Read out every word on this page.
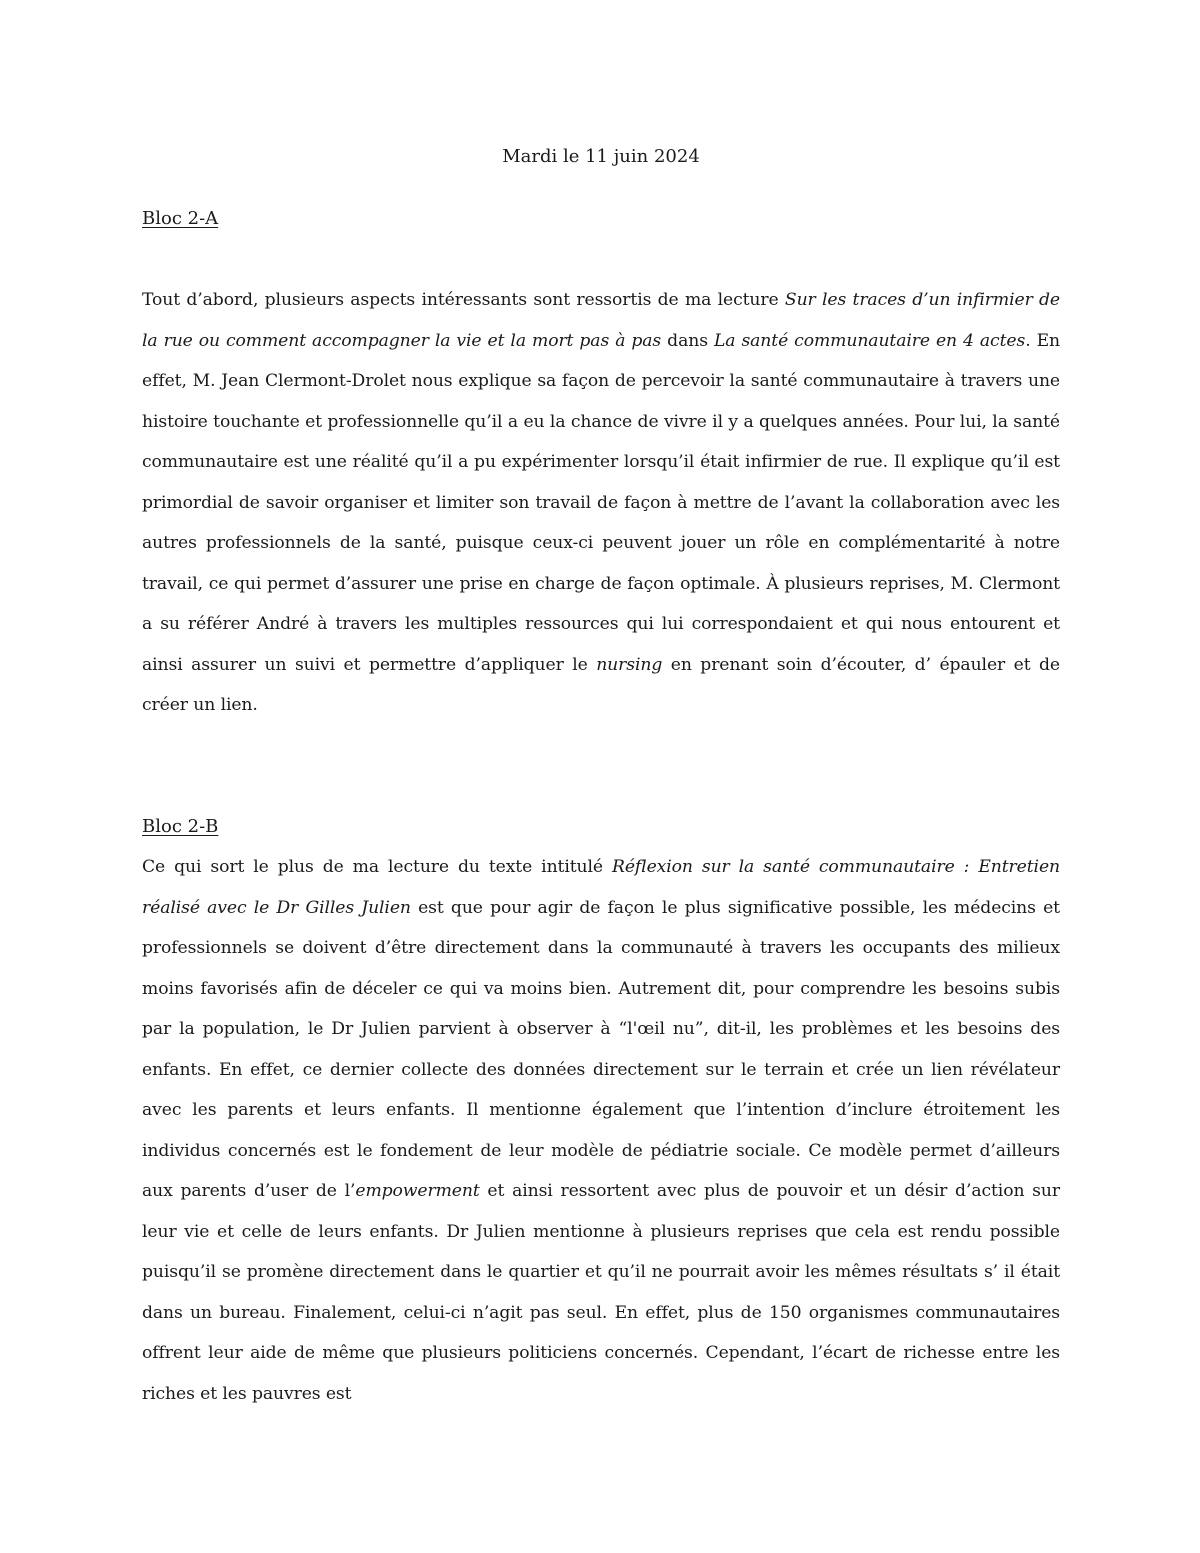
Mardi le 11 juin 2024
Bloc 2-A
Tout d’abord, plusieurs aspects intéressants sont ressortis de ma lecture Sur les traces d’un infirmier de la rue ou comment accompagner la vie et la mort pas à pas dans La santé communautaire en 4 actes. En effet, M. Jean Clermont-Drolet nous explique sa façon de percevoir la santé communautaire à travers une histoire touchante et professionnelle qu’il a eu la chance de vivre il y a quelques années. Pour lui, la santé communautaire est une réalité qu’il a pu expérimenter lorsqu’il était infirmier de rue. Il explique qu’il est primordial de savoir organiser et limiter son travail de façon à mettre de l’avant la collaboration avec les autres professionnels de la santé, puisque ceux-ci peuvent jouer un rôle en complémentarité à notre travail, ce qui permet d’assurer une prise en charge de façon optimale. À plusieurs reprises, M. Clermont a su référer André à travers les multiples ressources qui lui correspondaient et qui nous entourent et ainsi assurer un suivi et permettre d’appliquer le nursing en prenant soin d’écouter, d’ épauler et de créer un lien.
Bloc 2-B
Ce qui sort le plus de ma lecture du texte intitulé Réflexion sur la santé communautaire : Entretien réalisé avec le Dr Gilles Julien est que pour agir de façon le plus significative possible, les médecins et professionnels se doivent d’être directement dans la communauté à travers les occupants des milieux moins favorisés afin de déceler ce qui va moins bien. Autrement dit, pour comprendre les besoins subis par la population, le Dr Julien parvient à observer à “l'œil nu”, dit-il, les problèmes et les besoins des enfants. En effet, ce dernier collecte des données directement sur le terrain et crée un lien révélateur avec les parents et leurs enfants. Il mentionne également que l’intention d’inclure étroitement les individus concernés est le fondement de leur modèle de pédiatrie sociale. Ce modèle permet d’ailleurs aux parents d’user de l’empowerment et ainsi ressortent avec plus de pouvoir et un désir d’action sur leur vie et celle de leurs enfants. Dr Julien mentionne à plusieurs reprises que cela est rendu possible puisqu’il se promène directement dans le quartier et qu’il ne pourrait avoir les mêmes résultats s’ il était dans un bureau. Finalement, celui-ci n’agit pas seul. En effet, plus de 150 organismes communautaires offrent leur aide de même que plusieurs politiciens concernés. Cependant, l’écart de richesse entre les riches et les pauvres est
